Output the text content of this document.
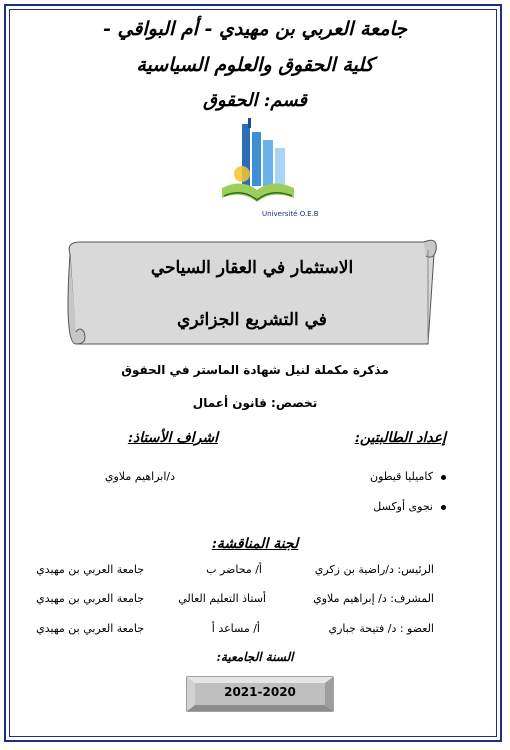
جامعة العربي بن مهيدي - أم البواقي -
كلية الحقوق والعلوم السياسية
قسم: الحقوق
Université O.E.B
الاستثمار في العقار السياحي
في التشريع الجزائري
مذكرة مكملة لنيل شهادة الماستر في الحقوق
تخصص: قانون أعمال
إعداد الطالبتين:
اشراف الأستاذ:
كاميليا قيطون
نجوى أوكسل
د/ابراهيم ملاوي
لجنة المناقشة:
الرئيس: د/راضية بن زكري
أ/ محاضر ب
جامعة العربي بن مهيدي
المشرف: د/ إبراهيم ملاوي
أستاذ التعليم العالي
جامعة العربي بن مهيدي
العضو : د/ فتيحة جباري
أ/ مساعد أ
جامعة العربي بن مهيدي
السنة الجامعية:
2021-2020
